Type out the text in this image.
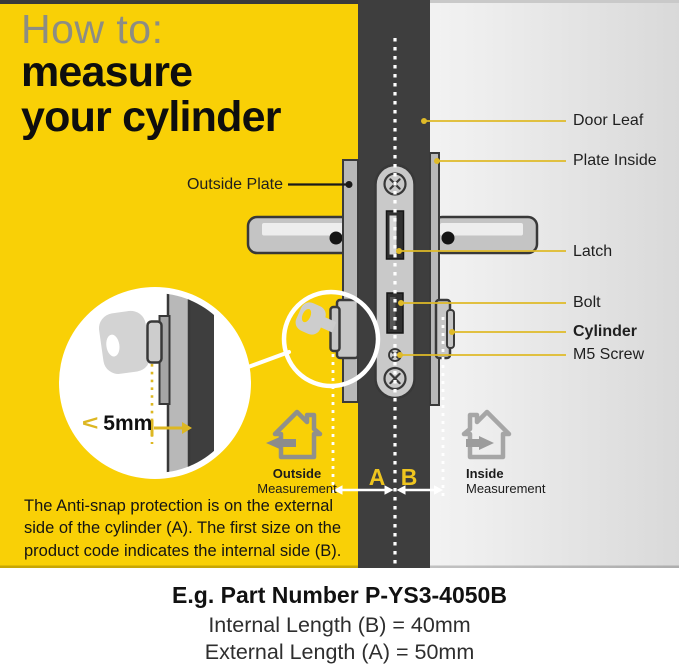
How to:
measure
your cylinder	Door Leaf
Plate Inside
Latch
Bolt
Cylinder
M5 Screw
Outside Plate
< 5mm
A B
Outside
Measurement
Inside
Measurement
The Anti-snap protection is on the external
side of the cylinder (A). The first size on the
product code indicates the internal side (B).
E.g. Part Number P-YS3-4050B
Internal Length (B) = 40mm
External Length (A) = 50mm
